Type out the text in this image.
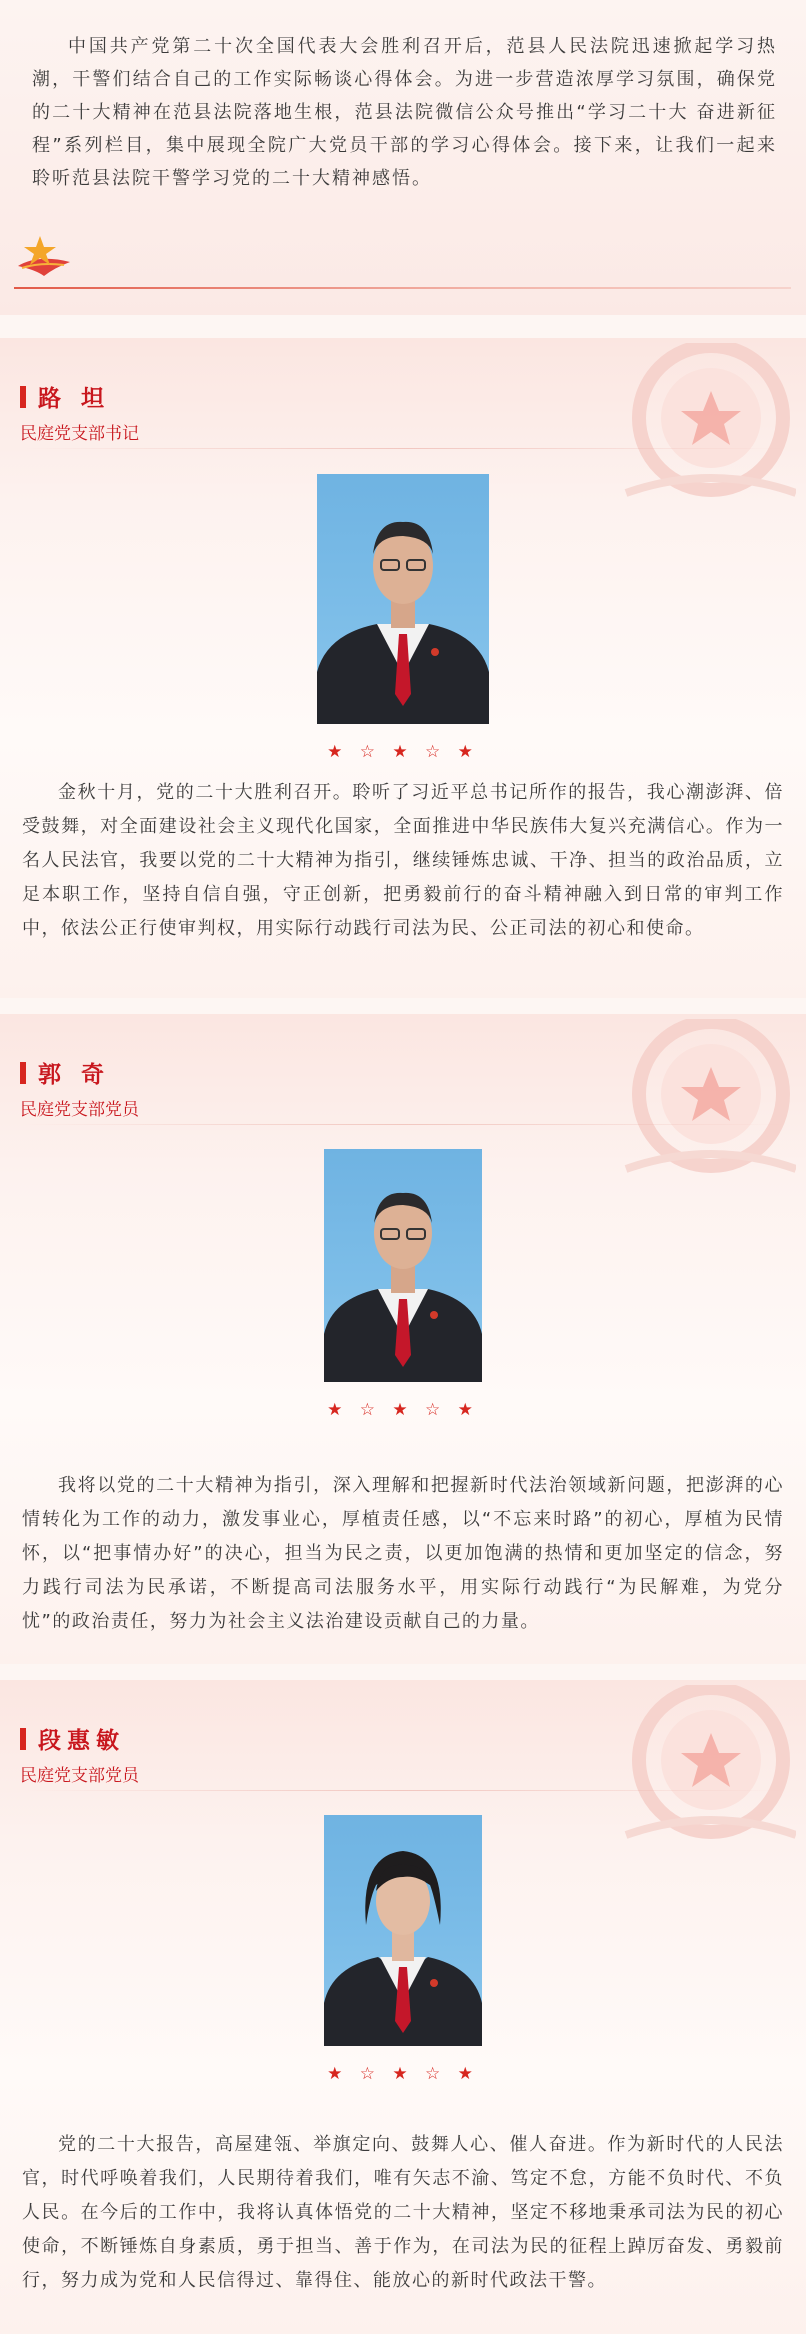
中国共产党第二十次全国代表大会胜利召开后，范县人民法院迅速掀起学习热潮，干警们结合自己的工作实际畅谈心得体会。为进一步营造浓厚学习氛围，确保党的二十大精神在范县法院落地生根，范县法院微信公众号推出“学习二十大 奋进新征程”系列栏目，集中展现全院广大党员干部的学习心得体会。接下来，让我们一起来聆听范县法院干警学习党的二十大精神感悟。
路 坦
民庭党支部书记
★ ☆ ★ ☆ ★
金秋十月，党的二十大胜利召开。聆听了习近平总书记所作的报告，我心潮澎湃、倍受鼓舞，对全面建设社会主义现代化国家，全面推进中华民族伟大复兴充满信心。作为一名人民法官，我要以党的二十大精神为指引，继续锤炼忠诚、干净、担当的政治品质，立足本职工作，坚持自信自强，守正创新，把勇毅前行的奋斗精神融入到日常的审判工作中，依法公正行使审判权，用实际行动践行司法为民、公正司法的初心和使命。
郭 奇
民庭党支部党员
★ ☆ ★ ☆ ★
我将以党的二十大精神为指引，深入理解和把握新时代法治领域新问题，把澎湃的心情转化为工作的动力，激发事业心，厚植责任感，以“不忘来时路”的初心，厚植为民情怀，以“把事情办好”的决心，担当为民之责，以更加饱满的热情和更加坚定的信念，努力践行司法为民承诺，不断提高司法服务水平，用实际行动践行“为民解难，为党分忧”的政治责任，努力为社会主义法治建设贡献自己的力量。
段惠敏
民庭党支部党员
★ ☆ ★ ☆ ★
党的二十大报告，高屋建瓴、举旗定向、鼓舞人心、催人奋进。作为新时代的人民法官，时代呼唤着我们，人民期待着我们，唯有矢志不渝、笃定不怠，方能不负时代、不负人民。在今后的工作中，我将认真体悟党的二十大精神，坚定不移地秉承司法为民的初心使命，不断锤炼自身素质，勇于担当、善于作为，在司法为民的征程上踔厉奋发、勇毅前行，努力成为党和人民信得过、靠得住、能放心的新时代政法干警。
